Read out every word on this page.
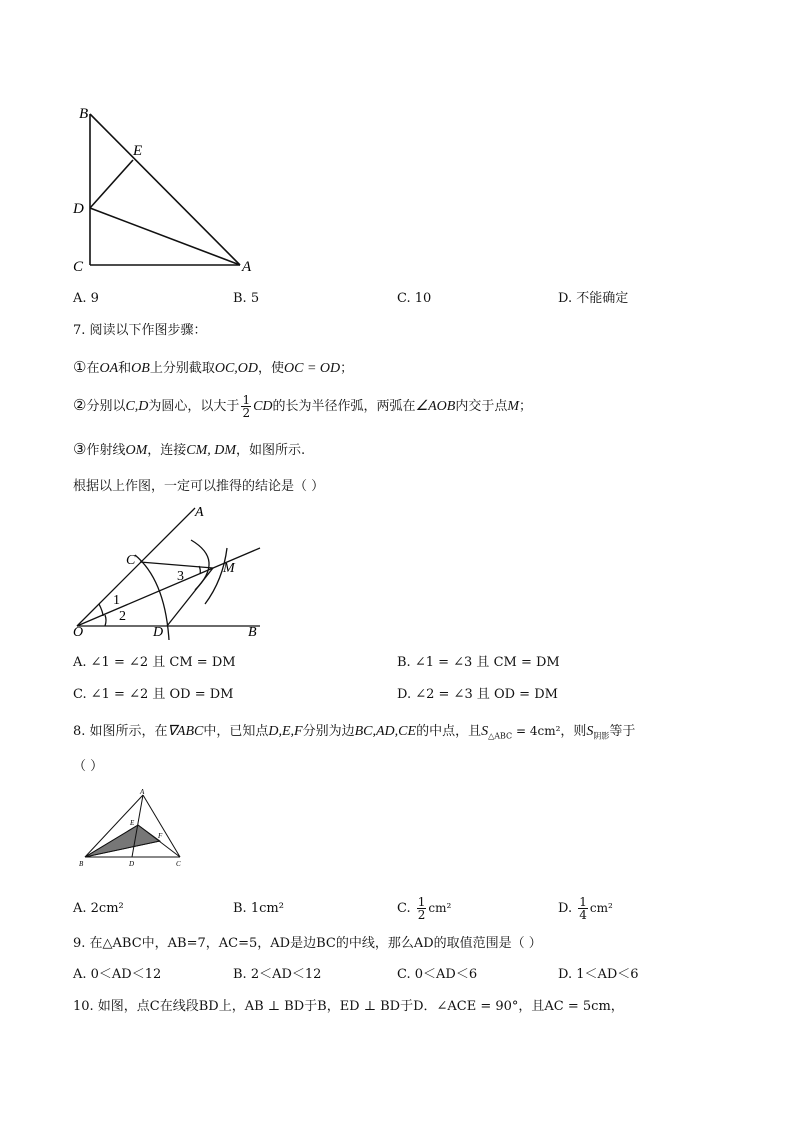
B
E
D
C	A
A. 9	B. 5	C. 10	D. 不能确定
7. 阅读以下作图步骤：
①在OA和OB上分别截取OC,OD，使OC = OD；
②分别以C,D为圆心，以大于 $\frac{1}{2}$ CD的长为半径作弧，两弧在∠AOB内交于点M；
③作射线OM，连接CM, DM，如图所示.
根据以上作图，一定可以推得的结论是（ ）
A
C
M
3
1
2
O	D	B
A. ∠1 = ∠2 且 CM = DM	B. ∠1 = ∠3 且 CM = DM
C. ∠1 = ∠2 且 OD = DM	D. ∠2 = ∠3 且 OD = DM
8. 如图所示，在∇ABC中，已知点D,E,F分别为边BC,AD,CE的中点，且$S_{\triangle ABC} = 4cm^2$，则$S_{阴影}$等于
（ ）
A
E
F
B	D	C
A. 2cm²	B. 1cm²	C. $\frac{1}{2} cm^2$	D. $\frac{1}{4} cm^2$
9. 在△ABC中，AB=7，AC=5，AD是边BC的中线，那么AD的取值范围是（ ）
A. 0＜AD＜12	B. 2＜AD＜12	C. 0＜AD＜6	D. 1＜AD＜6
10. 如图，点C在线段BD上，AB ⊥ BD于B，ED ⊥ BD于D．∠ACE = 90°，且AC = 5cm，
